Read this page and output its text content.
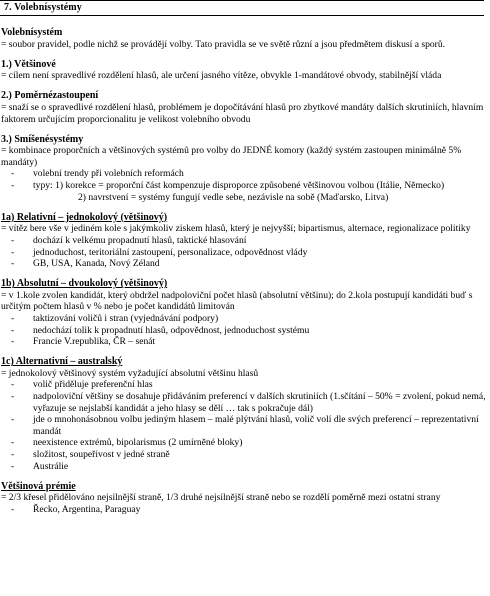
7. Volebnísystémy

Volebnísystém

= soubor pravidel, podle nichž se provádějí volby. Tato pravidla se ve světě různí a jsou předmětem diskusí a sporů.

1.) Většinové

= cílem není spravedlivé rozdělení hlasů, ale určení jasného vítěze, obvykle 1-mandátové obvody, stabilnější vláda

2.) Poměrnézastoupení

= snaží se o spravedlivé rozdělení hlasů, problémem je dopočítávání hlasů pro zbytkové mandáty dalších skrutiniích, hlavním faktorem určujícím proporcionalitu je velikost volebního obvodu

3.) Smíšenésystémy

= kombinace proporčních a většinových systémů pro volby do JEDNÉ komory (každý systém zastoupen minimálně 5% mandáty)

- volební trendy při volebních reformách
- typy: 1) korekce = proporční část kompenzuje disproporce způsobené většinovou volbou (Itálie, Německo)

2) navrstvení = systémy fungují vedle sebe, nezávisle na sobě (Maďarsko, Litva)

1a) Relativní – jednokolový (většinový)

= vítěz bere vše v jediném kole s jakýmkoliv ziskem hlasů, který je nejvyšší; bipartismus, alternace, regionalizace politiky

- dochází k velkému propadnutí hlasů, taktické hlasování
- jednoduchost, teritoriální zastoupení, personalizace, odpovědnost vlády
- GB, USA, Kanada, Nový Zéland

1b) Absolutní – dvoukolový (většinový)

= v 1.kole zvolen kandidát, který obdržel nadpoloviční počet hlasů (absolutní většinu); do 2.kola postupují kandidáti buď s určitým počtem hlasů v % nebo je počet kandidátů limitován

- taktizování voličů i stran (vyjednávání podpory)
- nedochází tolik k propadnutí hlasů, odpovědnost, jednoduchost systému
- Francie V.republika, ČR – senát

1c) Alternativní – australský

= jednokolový většinový systém vyžadující absolutní většinu hlasů

- volič přiděluje preferenční hlas
- nadpoloviční většiny se dosahuje přidáváním preferencí v dalších skrutiniích (1.sčítání – 50% = zvolení, pokud nemá, vyřazuje se nejslabší kandidát a jeho hlasy se dělí … tak s pokračuje dál)
- jde o mnohonásobnou volbu jediným hlasem – malé plýtvání hlasů, volič volí dle svých preferencí – reprezentativní mandát
- neexistence extrémů, bipolarismus (2 umírněné bloky)
- složitost, soupeřivost v jedné straně
- Austrálie

Většinová prémie

= 2/3 křesel přidělováno nejsilnější straně, 1/3 druhé nejsilnější straně nebo se rozdělí poměrně mezi ostatní strany

- Řecko, Argentina, Paraguay
